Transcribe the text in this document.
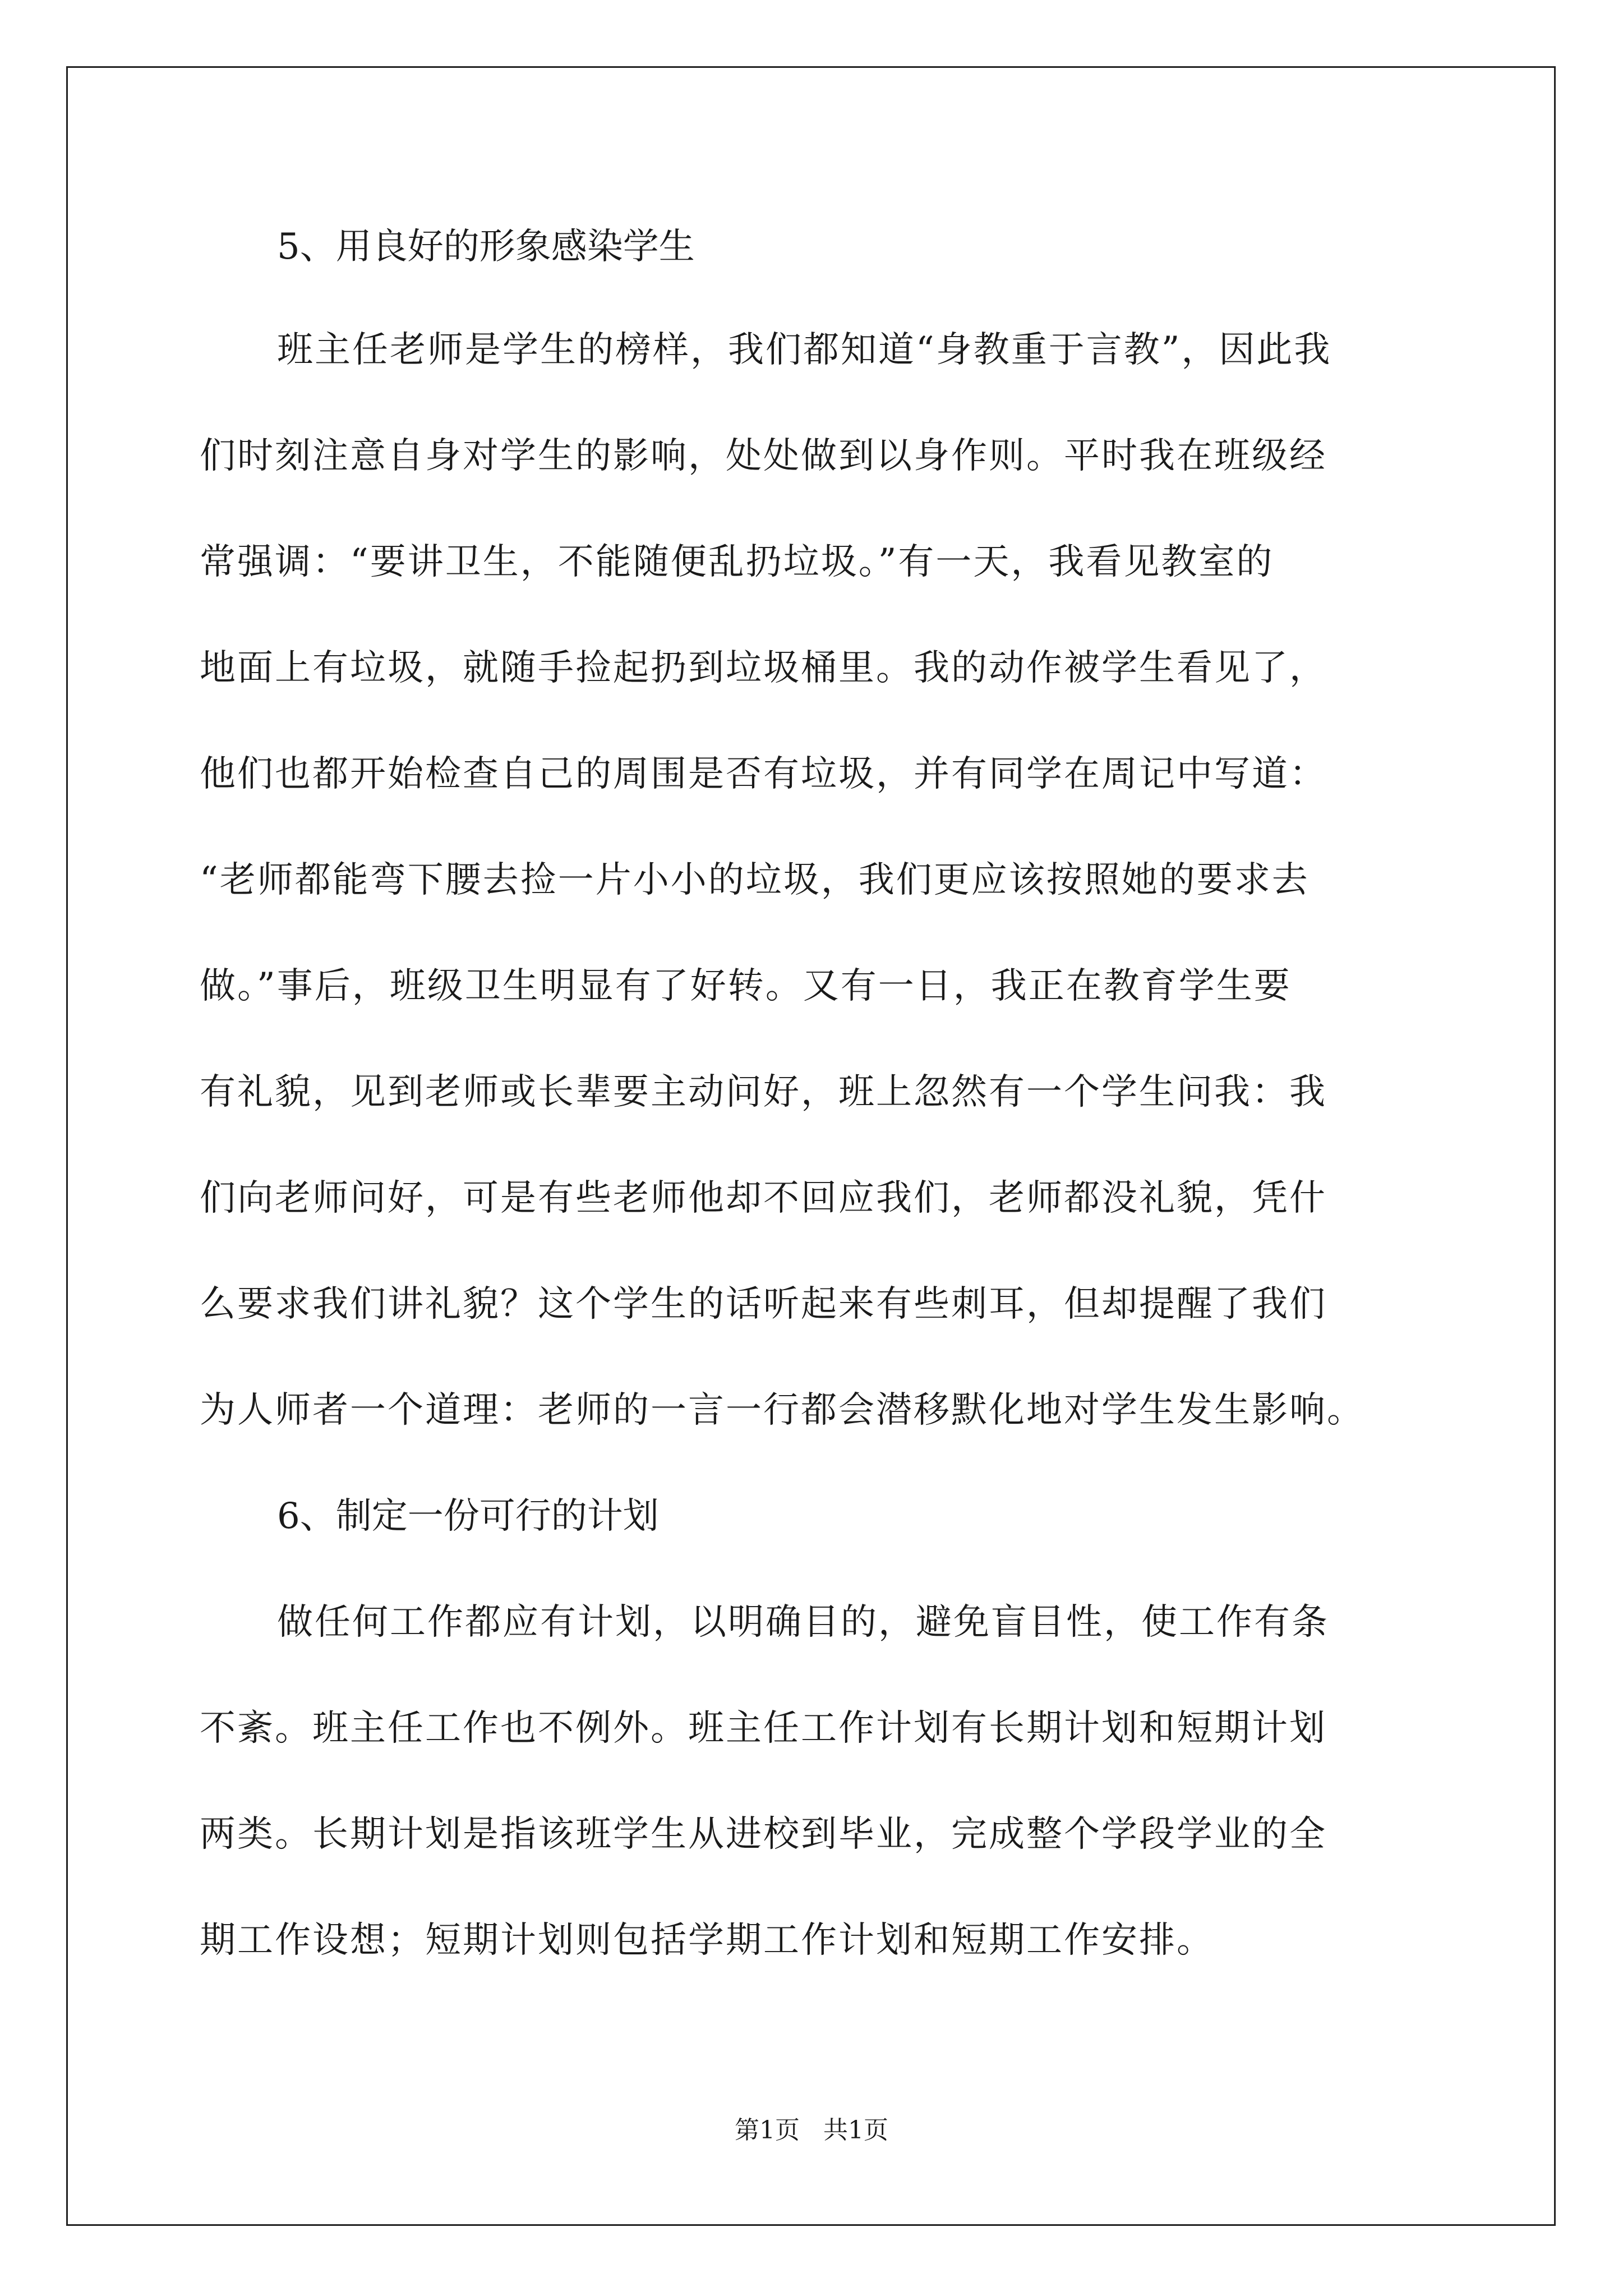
5、用良好的形象感染学生

班主任老师是学生的榜样，我们都知道“身教重于言教”，因此我

们时刻注意自身对学生的影响，处处做到以身作则。平时我在班级经

常强调：“要讲卫生，不能随便乱扔垃圾。”有一天，我看见教室的

地面上有垃圾，就随手捡起扔到垃圾桶里。我的动作被学生看见了，

他们也都开始检查自己的周围是否有垃圾，并有同学在周记中写道：

“老师都能弯下腰去捡一片小小的垃圾，我们更应该按照她的要求去

做。”事后，班级卫生明显有了好转。又有一日，我正在教育学生要

有礼貌，见到老师或长辈要主动问好，班上忽然有一个学生问我：我

们向老师问好，可是有些老师他却不回应我们，老师都没礼貌，凭什

么要求我们讲礼貌？这个学生的话听起来有些刺耳，但却提醒了我们

为人师者一个道理：老师的一言一行都会潜移默化地对学生发生影响。

6、制定一份可行的计划

做任何工作都应有计划，以明确目的，避免盲目性，使工作有条

不紊。班主任工作也不例外。班主任工作计划有长期计划和短期计划

两类。长期计划是指该班学生从进校到毕业，完成整个学段学业的全

期工作设想；短期计划则包括学期工作计划和短期工作安排。

第1页   共1页
